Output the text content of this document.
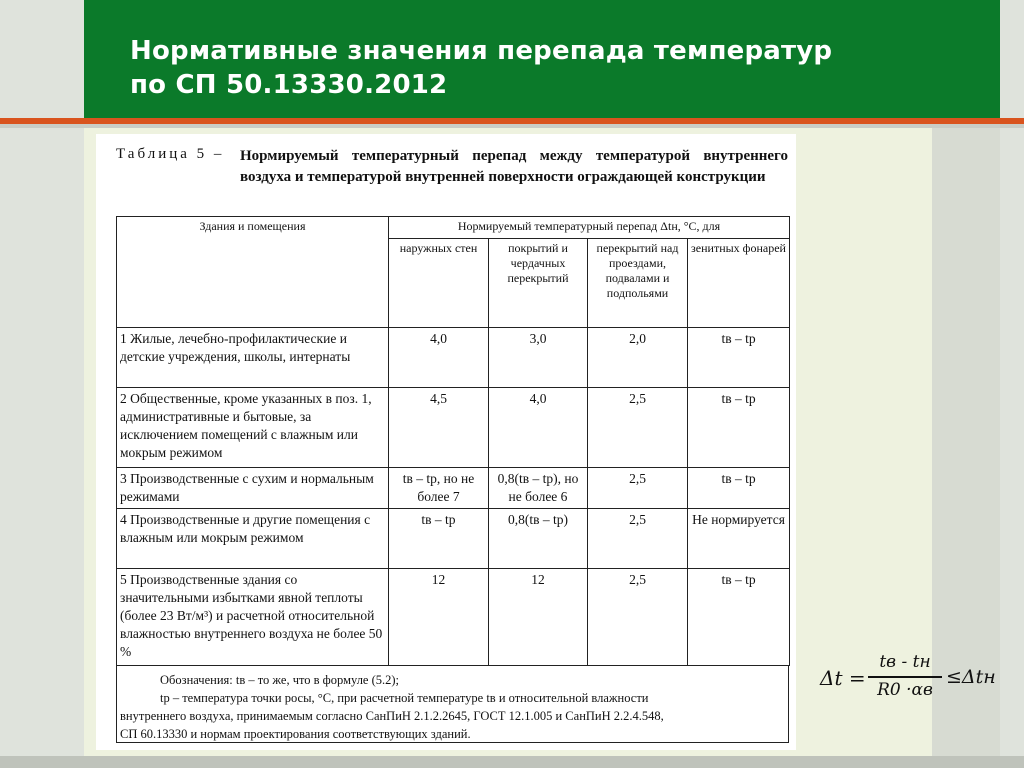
Нормативные значения перепада температур
по СП 50.13330.2012
Таблица 5 – Нормируемый температурный перепад между температурой внутреннего воздуха и температурой внутренней поверхности ограждающей конструкции
Здания и помещения	Нормируемый температурный перепад Δtн, °С, для			
	наружных стен	покрытий и чердачных перекрытий	перекрытий над проездами, подвалами и подпольями	зенитных фонарей
1 Жилые, лечебно-профилактические и детские учреждения, школы, интернаты	4,0	3,0	2,0	tв – tр
2 Общественные, кроме указанных в поз. 1, административные и бытовые, за исключением помещений с влажным или мокрым режимом	4,5	4,0	2,5	tв – tр
3 Производственные с сухим и нормальным режимами	tв – tр, но не более 7	0,8(tв – tр), но не более 6	2,5	tв – tр
4 Производственные и другие помещения с влажным или мокрым режимом	tв – tр	0,8(tв – tр)	2,5	Не нормируется
5 Производственные здания со значительными избытками явной теплоты (более 23 Вт/м³) и расчетной относительной влажностью внутреннего воздуха не более 50 %	12	12	2,5	tв – tр
Обозначения: tв – то же, что в формуле (5.2);
tр – температура точки росы, °С, при расчетной температуре tв и относительной влажности
внутреннего воздуха, принимаемым согласно СанПиН 2.1.2.2645, ГОСТ 12.1.005 и СанПиН 2.2.4.548,
СП 60.13330 и нормам проектирования соответствующих зданий.
Δt =
tв - tн
R0 ·αв
≤Δtн
